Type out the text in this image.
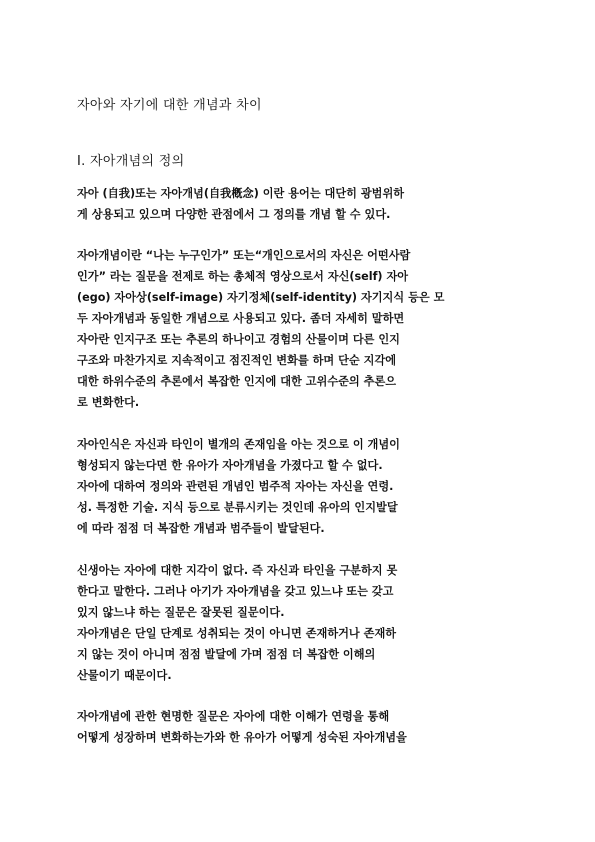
자아와 자기에 대한 개념과 차이
Ⅰ. 자아개념의 정의
자아 (自我)또는 자아개념(自我槪念) 이란 용어는 대단히 광범위하
게 상용되고 있으며 다양한 관점에서 그 정의를 개념 할 수 있다.
자아개념이란 “나는 누구인가” 또는“개인으로서의 자신은 어떤사람
인가” 라는 질문을 전제로 하는 총체적 영상으로서 자신(self) 자아
(ego) 자아상(self-image) 자기정체(self-identity) 자기지식 등은 모
두 자아개념과 동일한 개념으로 사용되고 있다. 좀더 자세히 말하면
자아란 인지구조 또는 추론의 하나이고 경험의 산물이며 다른 인지
구조와 마찬가지로 지속적이고 점진적인 변화를 하며 단순 지각에
대한 하위수준의 추론에서 복잡한 인지에 대한 고위수준의 추론으
로 변화한다.
자아인식은 자신과 타인이 별개의 존재임을 아는 것으로 이 개념이
형성되지 않는다면 한 유아가 자아개념을 가졌다고 할 수 없다.
자아에 대하여 정의와 관련된 개념인 범주적 자아는 자신을 연령.
성. 특정한 기술. 지식 등으로 분류시키는 것인데 유아의 인지발달
에 따라 점점 더 복잡한 개념과 범주들이 발달된다.
신생아는 자아에 대한 지각이 없다. 즉 자신과 타인을 구분하지 못
한다고 말한다. 그러나 아기가 자아개념을 갖고 있느냐 또는 갖고
있지 않느냐 하는 질문은 잘못된 질문이다.
자아개념은 단일 단계로 성취되는 것이 아니면 존재하거나 존재하
지 않는 것이 아니며 점점 발달에 가며 점점 더 복잡한 이해의
산물이기 때문이다.
자아개념에 관한 현명한 질문은 자아에 대한 이해가 연령을 통해
어떻게 성장하며 변화하는가와 한 유아가 어떻게 성숙된 자아개념을
